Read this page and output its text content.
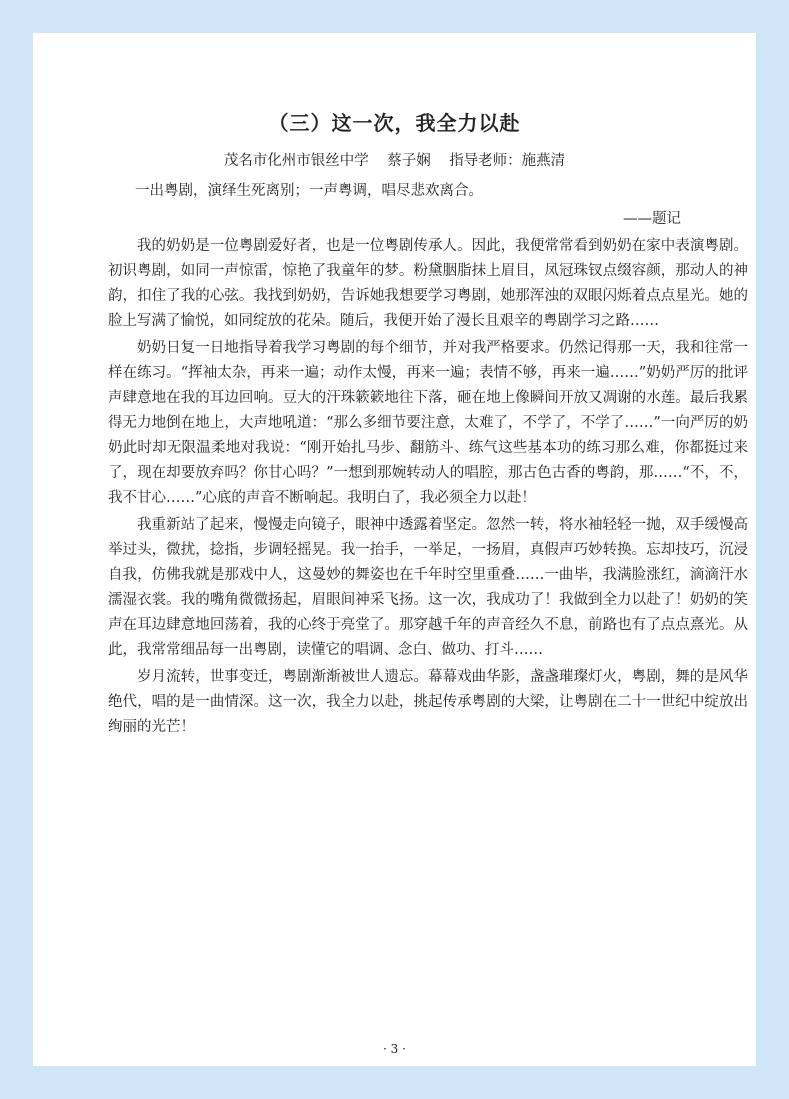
（三）这一次，我全力以赴
茂名市化州市银丝中学 蔡子娴 指导老师：施燕清
一出粤剧，演绎生死离别；一声粤调，唱尽悲欢离合。
——题记

我的奶奶是一位粤剧爱好者，也是一位粤剧传承人。因此，我便常常看到奶奶在家中表演粤剧。初识粤剧，如同一声惊雷，惊艳了我童年的梦。粉黛胭脂抹上眉目，凤冠珠钗点缀容颜，那动人的神韵，扣住了我的心弦。我找到奶奶，告诉她我想要学习粤剧，她那浑浊的双眼闪烁着点点星光。她的脸上写满了愉悦，如同绽放的花朵。随后，我便开始了漫长且艰辛的粤剧学习之路……

奶奶日复一日地指导着我学习粤剧的每个细节，并对我严格要求。仍然记得那一天，我和往常一样在练习。“挥袖太杂，再来一遍；动作太慢，再来一遍；表情不够，再来一遍……”奶奶严厉的批评声肆意地在我的耳边回响。豆大的汗珠簌簌地往下落，砸在地上像瞬间开放又凋谢的水莲。最后我累得无力地倒在地上，大声地吼道：“那么多细节要注意，太难了，不学了，不学了……”一向严厉的奶奶此时却无限温柔地对我说：“刚开始扎马步、翻筋斗、练气这些基本功的练习那么难，你都挺过来了，现在却要放弃吗？你甘心吗？”一想到那婉转动人的唱腔，那古色古香的粤韵，那……“不，不，我不甘心……”心底的声音不断响起。我明白了，我必须全力以赴！

我重新站了起来，慢慢走向镜子，眼神中透露着坚定。忽然一转，将水袖轻轻一抛，双手缓慢高举过头，微扰，捻指，步调轻摇晃。我一抬手，一举足，一扬眉，真假声巧妙转换。忘却技巧，沉浸自我，仿佛我就是那戏中人，这曼妙的舞姿也在千年时空里重叠……一曲毕，我满脸涨红，滴滴汗水濡湿衣裳。我的嘴角微微扬起，眉眼间神采飞扬。这一次，我成功了！我做到全力以赴了！奶奶的笑声在耳边肆意地回荡着，我的心终于亮堂了。那穿越千年的声音经久不息，前路也有了点点熹光。从此，我常常细品每一出粤剧，读懂它的唱调、念白、做功、打斗……

岁月流转，世事变迁，粤剧渐渐被世人遗忘。幕幕戏曲华影，盏盏璀璨灯火，粤剧，舞的是风华绝代，唱的是一曲情深。这一次，我全力以赴，挑起传承粤剧的大梁，让粤剧在二十一世纪中绽放出绚丽的光芒！

· 3 ·
